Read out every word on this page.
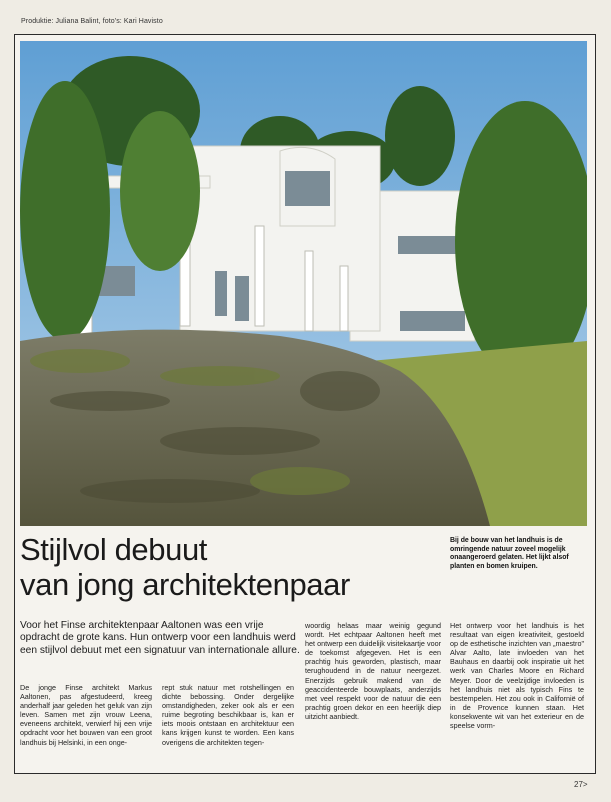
Produktie: Juliana Balint, foto's: Kari Havisto
Stijlvol debuut
van jong architektenpaar
Bij de bouw van het landhuis is de omringende natuur zoveel mogelijk onaangeroerd gelaten. Het lijkt alsof planten en bomen kruipen.
Voor het Finse architektenpaar Aaltonen was een vrije opdracht de grote kans. Hun ontwerp voor een landhuis werd een stijlvol debuut met een signatuur van internationale allure.

De jonge Finse architekt Markus Aaltonen, pas afgestudeerd, kreeg anderhalf jaar geleden het geluk van zijn leven. Samen met zijn vrouw Leena, eveneens architekt, verwierf hij een vrije opdracht voor het bouwen van een groot landhuis bij Helsinki, in een onge-

rept stuk natuur met rotshellingen en dichte bebossing. Onder dergelijke omstandigheden, zeker ook als er een ruime begroting beschikbaar is, kan er iets moois ontstaan en architektuur een kans krijgen kunst te worden. Een kans overigens die architekten tegen-

woordig helaas maar weinig gegund wordt. Het echtpaar Aaltonen heeft met het ontwerp een duidelijk visitekaartje voor de toekomst afgegeven. Het is een prachtig huis geworden, plastisch, maar terughoudend in de natuur neergezet. Enerzijds gebruik makend van de geaccidenteerde bouwplaats, anderzijds met veel respekt voor de natuur die een prachtig groen dekor en een heerlijk diep uitzicht aanbiedt.

Het ontwerp voor het landhuis is het resultaat van eigen kreativiteit, gestoeld op de esthetische inzichten van „maestro" Alvar Aalto, late invloeden van het Bauhaus en daarbij ook inspiratie uit het werk van Charles Moore en Richard Meyer. Door de veelzijdige invloeden is het landhuis niet als typisch Fins te bestempelen. Het zou ook in Californië of in de Provence kunnen staan. Het konsekwente wit van het exterieur en de speelse vorm-

27>
